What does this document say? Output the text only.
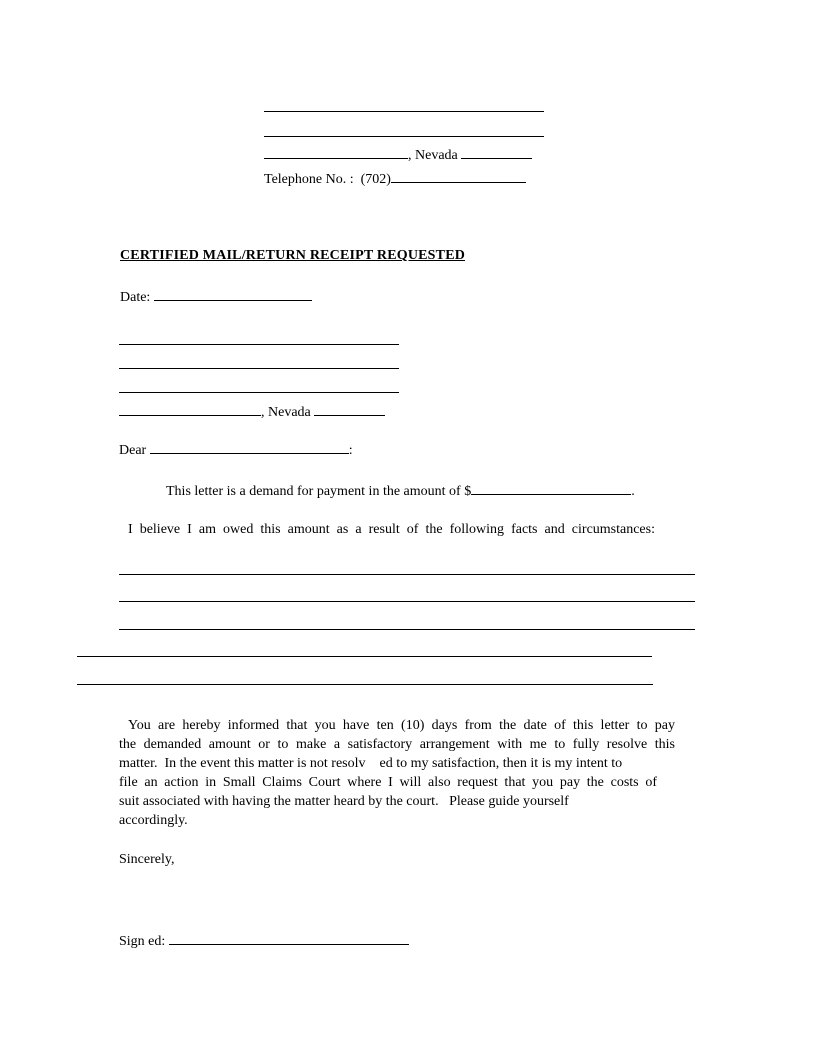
, Nevada
Telephone No. :  (702)
CERTIFIED MAIL/RETURN RECEIPT REQUESTED
Date:
, Nevada
Dear	:
This letter is a demand for payment in the amount of $	.
I believe I am owed this amount as a result of the following facts and circumstances:
You are hereby informed that you have ten (10) days from the date of this letter to pay
the demanded amount or to make a satisfactory arrangement with me to fully resolve this
matter.  In the event this matter is not resolv    ed to my satisfaction, then it is my intent to
file an action in Small Claims Court where I will also request that you pay the costs of
suit associated with having the matter heard by the court.   Please guide yourself
accordingly.
Sincerely,
Sign ed:
